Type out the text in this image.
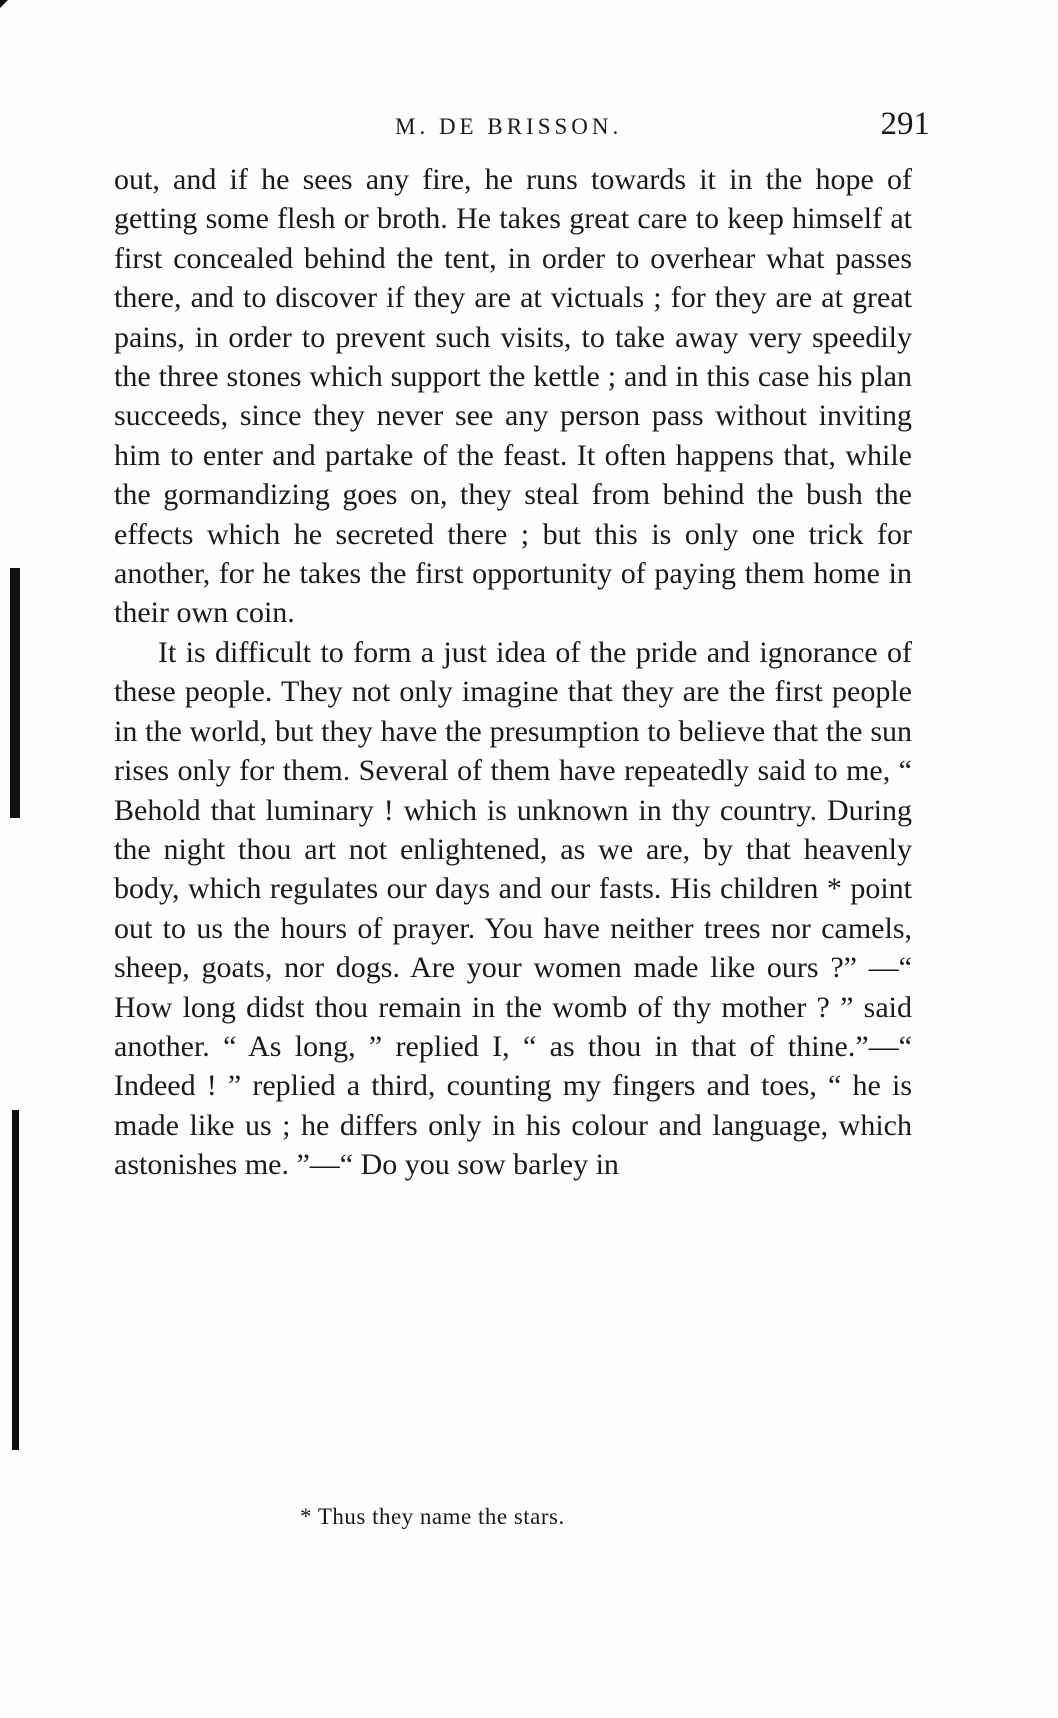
M. DE BRISSON.	291

out, and if he sees any fire, he runs towards it in the hope of getting some flesh or broth. He takes great care to keep himself at first concealed behind the tent, in order to overhear what passes there, and to discover if they are at victuals ; for they are at great pains, in order to prevent such visits, to take away very speedily the three stones which support the kettle ; and in this case his plan succeeds, since they never see any person pass without inviting him to enter and partake of the feast. It often happens that, while the gormandizing goes on, they steal from behind the bush the effects which he secreted there ; but this is only one trick for another, for he takes the first opportunity of paying them home in their own coin.

It is difficult to form a just idea of the pride and ignorance of these people. They not only imagine that they are the first people in the world, but they have the presumption to believe that the sun rises only for them. Several of them have repeatedly said to me, “ Behold that luminary ! which is unknown in thy country. During the night thou art not enlightened, as we are, by that heavenly body, which regulates our days and our fasts. His children * point out to us the hours of prayer. You have neither trees nor camels, sheep, goats, nor dogs. Are your women made like ours ?” —“ How long didst thou remain in the womb of thy mother ? ” said another. “ As long, ” replied I, “ as thou in that of thine.”—“ Indeed ! ” replied a third, counting my fingers and toes, “ he is made like us ; he differs only in his colour and language, which astonishes me. ”—“ Do you sow barley in

* Thus they name the stars.
